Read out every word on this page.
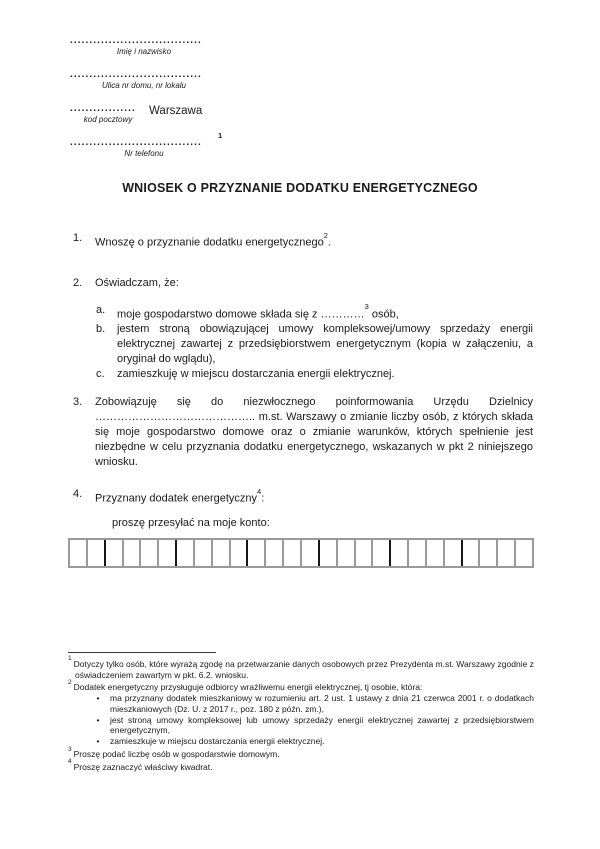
..................................
Imię i nazwisko
..................................
Ulica nr domu, nr lokalu
................. Warszawa
kod pocztowy
..................................$^1$
Nr telefonu
WNIOSEK O PRZYZNANIE DODATKU ENERGETYCZNEGO
1. Wnoszę o przyznanie dodatku energetycznego$^2$.
2. Oświadczam, że:
a. moje gospodarstwo domowe składa się z …………$^3$ osób,
b. jestem stroną obowiązującej umowy kompleksowej/umowy sprzedaży energii elektrycznej zawartej z przedsiębiorstwem energetycznym (kopia w załączeniu, a oryginał do wglądu),
c. zamieszkuję w miejscu dostarczania energii elektrycznej.
3. Zobowiązuję się do niezwłocznego poinformowania Urzędu Dzielnicy …………………………………….. m.st. Warszawy o zmianie liczby osób, z których składa się moje gospodarstwo domowe oraz o zmianie warunków, których spełnienie jest niezbędne w celu przyznania dodatku energetycznego, wskazanych w pkt 2 niniejszego wniosku.
4. Przyznany dodatek energetyczny$^4$:
proszę przesyłać na moje konto:
$^1$ Dotyczy tylko osób, które wyrażą zgodę na przetwarzanie danych osobowych przez Prezydenta m.st. Warszawy zgodnie z oświadczeniem zawartym w pkt. 6.2. wniosku.
$^2$ Dodatek energetyczny przysługuje odbiorcy wrażliwemu energii elektrycznej, tj osobie, która:
•	ma przyznany dodatek mieszkaniowy w rozumieniu art. 2 ust. 1 ustawy z dnia 21 czerwca 2001 r. o dodatkach mieszkaniowych (Dz. U. z 2017 r., poz. 180 z późn. zm.),
•	jest stroną umowy kompleksowej lub umowy sprzedaży energii elektrycznej zawartej z przedsiębiorstwem energetycznym,
•	zamieszkuje w miejscu dostarczania energii elektrycznej.
$^3$ Proszę podać liczbę osób w gospodarstwie domowym.
$^4$ Proszę zaznaczyć właściwy kwadrat.
